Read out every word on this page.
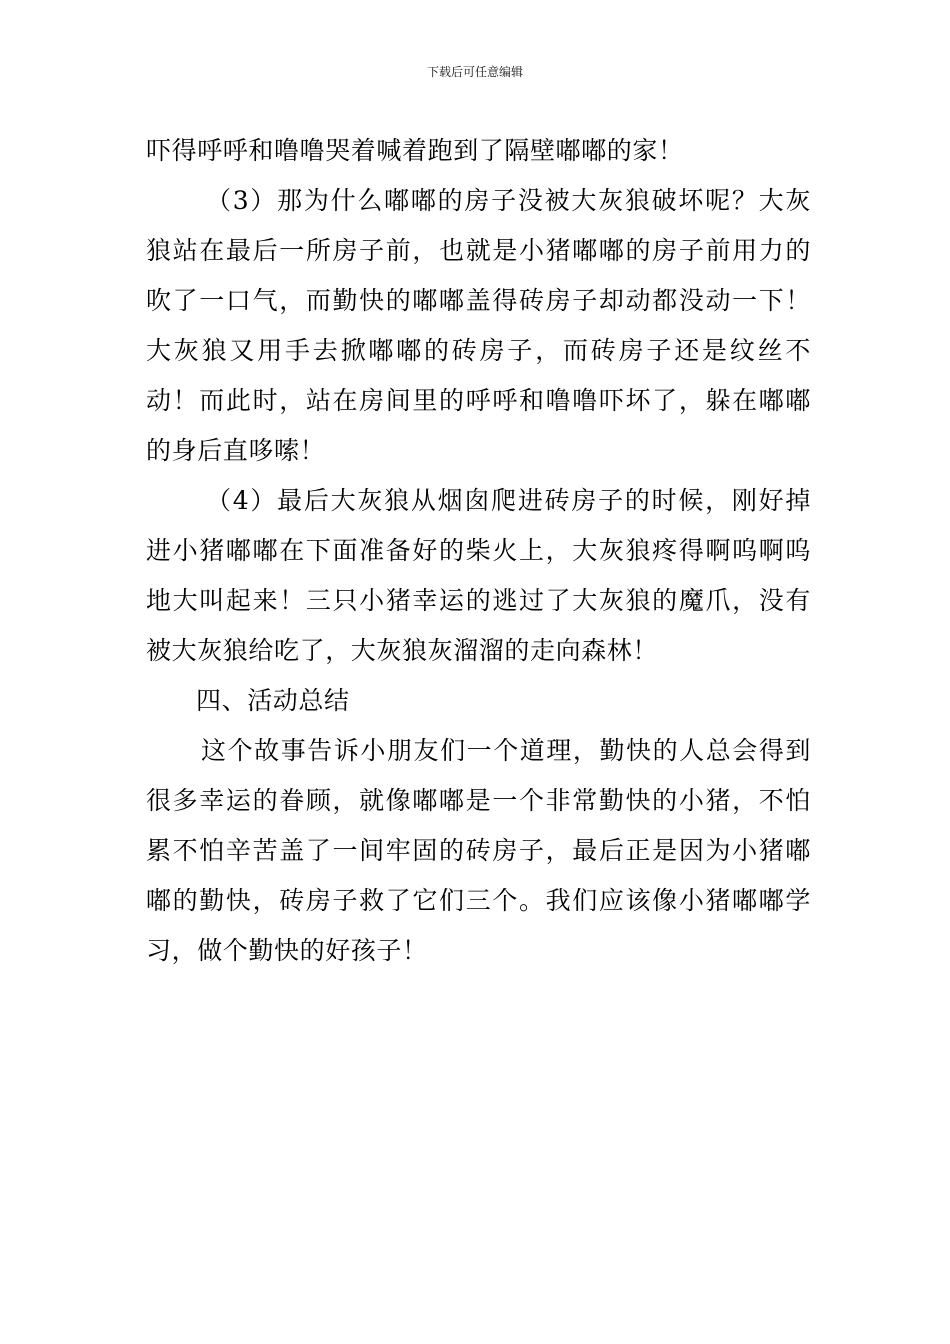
下载后可任意编辑

吓得呼呼和噜噜哭着喊着跑到了隔壁嘟嘟的家！

（3）那为什么嘟嘟的房子没被大灰狼破坏呢？大灰狼站在最后一所房子前，也就是小猪嘟嘟的房子前用力的吹了一口气，而勤快的嘟嘟盖得砖房子却动都没动一下！大灰狼又用手去掀嘟嘟的砖房子，而砖房子还是纹丝不动！而此时，站在房间里的呼呼和噜噜吓坏了，躲在嘟嘟的身后直哆嗦！

（4）最后大灰狼从烟囱爬进砖房子的时候，刚好掉进小猪嘟嘟在下面准备好的柴火上，大灰狼疼得啊呜啊呜地大叫起来！三只小猪幸运的逃过了大灰狼的魔爪，没有被大灰狼给吃了，大灰狼灰溜溜的走向森林！

四、活动总结

这个故事告诉小朋友们一个道理，勤快的人总会得到很多幸运的眷顾，就像嘟嘟是一个非常勤快的小猪，不怕累不怕辛苦盖了一间牢固的砖房子，最后正是因为小猪嘟嘟的勤快，砖房子救了它们三个。我们应该像小猪嘟嘟学习，做个勤快的好孩子！
